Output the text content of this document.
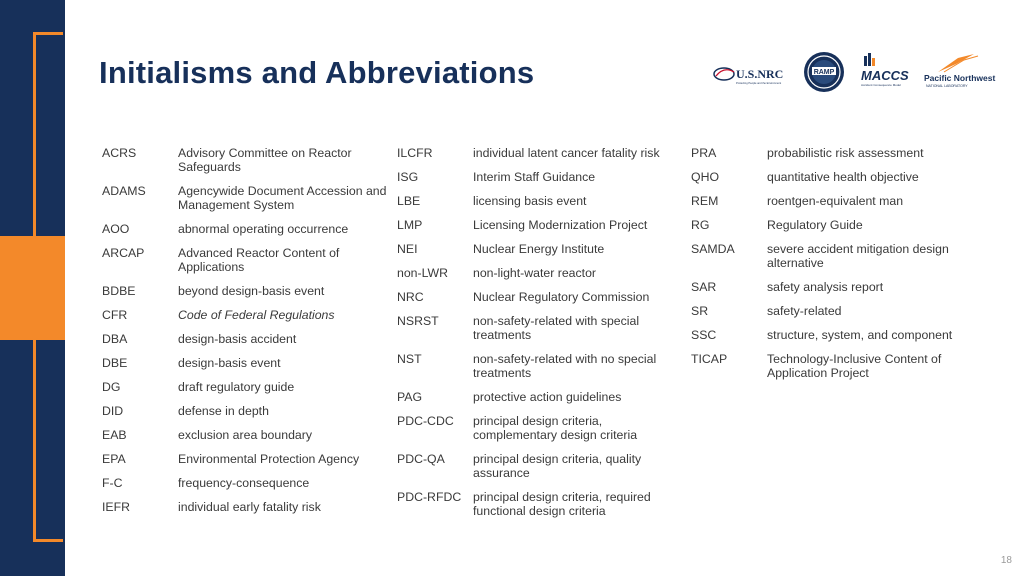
Initialisms and Abbreviations	U.S.NRC
Protecting People and the Environment
RAMP MACCS
Accident Consequence Model
Pacific Northwest
NATIONAL LABORATORY
ACRS	Advisory Committee on Reactor Safeguards
ADAMS	Agencywide Document Accession and Management System
AOO	abnormal operating occurrence
ARCAP	Advanced Reactor Content of Applications
BDBE	beyond design-basis event
CFR	Code of Federal Regulations
DBA	design-basis accident
DBE	design-basis event
DG	draft regulatory guide
DID	defense in depth
EAB	exclusion area boundary
EPA	Environmental Protection Agency
F-C	frequency-consequence
IEFR	individual early fatality risk
ILCFR	individual latent cancer fatality risk
ISG	Interim Staff Guidance
LBE	licensing basis event
LMP	Licensing Modernization Project
NEI	Nuclear Energy Institute
non-LWR	non-light-water reactor
NRC	Nuclear Regulatory Commission
NSRST	non-safety-related with special treatments
NST	non-safety-related with no special treatments
PAG	protective action guidelines
PDC-CDC	principal design criteria, complementary design criteria
PDC-QA	principal design criteria, quality assurance
PDC-RFDC principal design criteria, required functional design criteria
PRA	probabilistic risk assessment
QHO	quantitative health objective
REM	roentgen-equivalent man
RG	Regulatory Guide
SAMDA	severe accident mitigation design alternative
SAR	safety analysis report
SR	safety-related
SSC	structure, system, and component
TICAP	Technology-Inclusive Content of Application Project
18
